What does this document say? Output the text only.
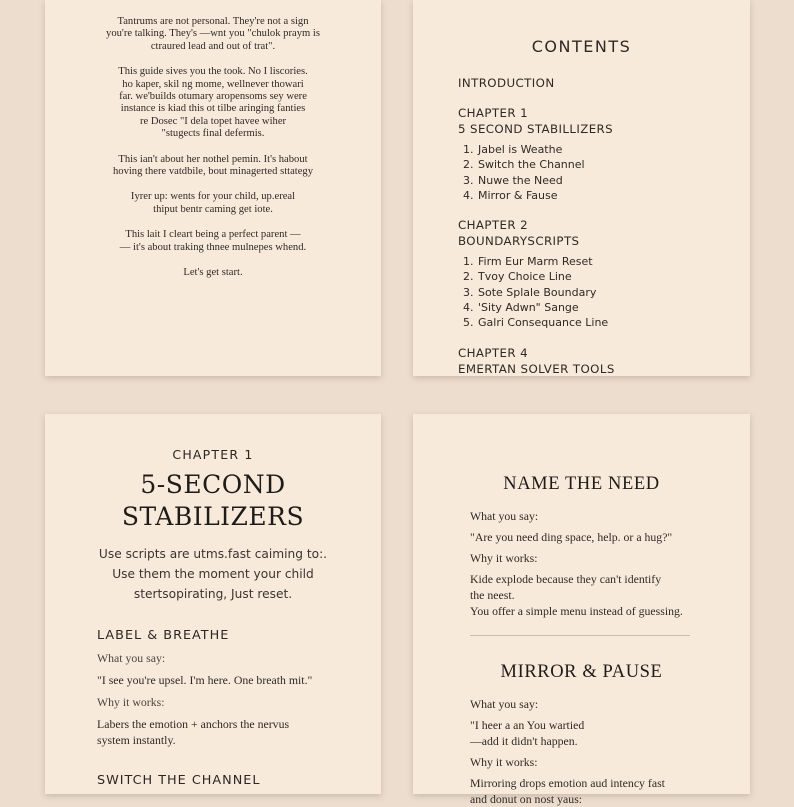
Tantrums are not personal. They're not a sign
you're talking. They's —wnt you "chulok praym is
ctraured lead and out of trat".

This guide sives you the took. No I liscories.
ho kaper, skil ng mome, wellnever thowari
far. we'builds otumary aropensoms sey were
instance is kiad this ot tilbe aringing fanties
re Dosec "I dela topet havee wiher
"stugects final defermis.

This ian't about her nothel pemin. It's habout
hoving there vatdbile, bout minagerted sttategy

Iyrer up: wents for your child, up.ereal
thiput bentr caming get iote.

This lait I cleart being a perfect parent —
— it's about traking thnee mulnepes whend.

Let's get start.

CONTENTS
INTRODUCTION
CHAPTER 1
5 SECOND STABILLIZERS
1. Jabel is Weathe
2. Switch the Channel
3. Nuwe the Need
4. Mirror & Fause
CHAPTER 2
BOUNDARYSCRIPTS
1. Firm Eur Marm Reset
2. Tvoy Choice Line
3. Sote Splale Boundary
4. 'Sity Adwn" Sange
5. Galri Consequance Line
CHAPTER 4
EMERTAN SOLVER TOOLS
CHAPTER 1
5-SECOND
STABILIZERS
Use scripts are utms.fast caiming to:.
Use them the moment your child
stertsopirating, Just reset.
LABEL & BREATHE
What you say:
"I see you're upsel. I'm here. One breath mit."
Why it works:
Labers the emotion + anchors the nervus
system instantly.
SWITCH THE CHANNEL
NAME THE NEED
What you say:
"Are you need ding space, help. or a hug?"
Why it works:
Kide explode because they can't identify
the neest.
You offer a simple menu instead of guessing.
MIRROR & PAUSE
What you say:
"I heer a an You wartied
—add it didn't happen.
Why it works:
Mirroring drops emotion aud intency fast
and donut on nost yaus:
